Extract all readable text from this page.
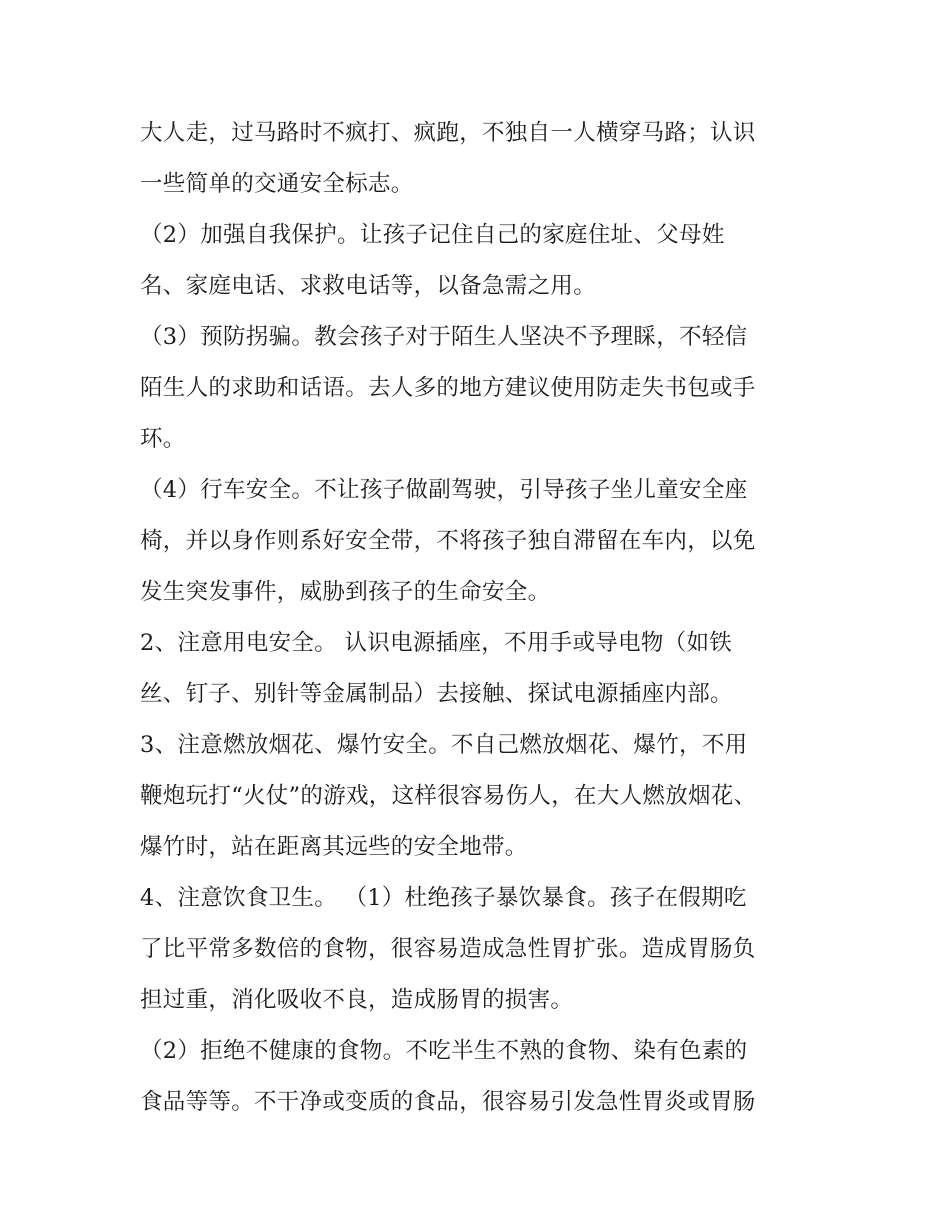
大人走，过马路时不疯打、疯跑，不独自一人横穿马路；认识
一些简单的交通安全标志。
（2）加强自我保护。让孩子记住自己的家庭住址、父母姓
名、家庭电话、求救电话等，以备急需之用。
（3）预防拐骗。教会孩子对于陌生人坚决不予理睬，不轻信
陌生人的求助和话语。去人多的地方建议使用防走失书包或手
环。
（4）行车安全。不让孩子做副驾驶，引导孩子坐儿童安全座
椅，并以身作则系好安全带，不将孩子独自滞留在车内，以免
发生突发事件，威胁到孩子的生命安全。
2、注意用电安全。 认识电源插座，不用手或导电物（如铁
丝、钉子、别针等金属制品）去接触、探试电源插座内部。
3、注意燃放烟花、爆竹安全。不自己燃放烟花、爆竹，不用
鞭炮玩打“火仗”的游戏，这样很容易伤人，在大人燃放烟花、
爆竹时，站在距离其远些的安全地带。
4、注意饮食卫生。 （1）杜绝孩子暴饮暴食。孩子在假期吃
了比平常多数倍的食物，很容易造成急性胃扩张。造成胃肠负
担过重，消化吸收不良，造成肠胃的损害。
（2）拒绝不健康的食物。不吃半生不熟的食物、染有色素的
食品等等。不干净或变质的食品，很容易引发急性胃炎或胃肠
